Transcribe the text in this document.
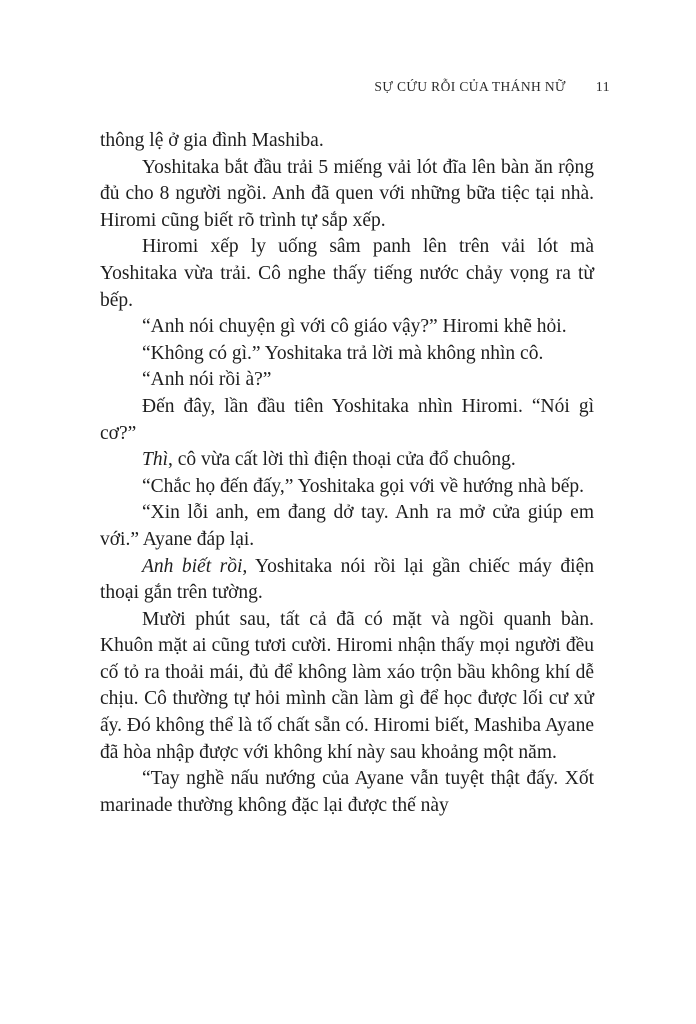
SỰ CỨU RỖI CỦA THÁNH NỮ 11

thông lệ ở gia đình Mashiba.

Yoshitaka bắt đầu trải 5 miếng vải lót đĩa lên bàn ăn rộng đủ cho 8 người ngồi. Anh đã quen với những bữa tiệc tại nhà. Hiromi cũng biết rõ trình tự sắp xếp.

Hiromi xếp ly uống sâm panh lên trên vải lót mà Yoshitaka vừa trải. Cô nghe thấy tiếng nước chảy vọng ra từ bếp.

“Anh nói chuyện gì với cô giáo vậy?” Hiromi khẽ hỏi.

“Không có gì.” Yoshitaka trả lời mà không nhìn cô.

“Anh nói rồi à?”

Đến đây, lần đầu tiên Yoshitaka nhìn Hiromi. “Nói gì cơ?”

Thì, cô vừa cất lời thì điện thoại cửa đổ chuông.

“Chắc họ đến đấy,” Yoshitaka gọi với về hướng nhà bếp.

“Xin lỗi anh, em đang dở tay. Anh ra mở cửa giúp em với.” Ayane đáp lại.

Anh biết rồi, Yoshitaka nói rồi lại gần chiếc máy điện thoại gắn trên tường.

Mười phút sau, tất cả đã có mặt và ngồi quanh bàn. Khuôn mặt ai cũng tươi cười. Hiromi nhận thấy mọi người đều cố tỏ ra thoải mái, đủ để không làm xáo trộn bầu không khí dễ chịu. Cô thường tự hỏi mình cần làm gì để học được lối cư xử ấy. Đó không thể là tố chất sẵn có. Hiromi biết, Mashiba Ayane đã hòa nhập được với không khí này sau khoảng một năm.

“Tay nghề nấu nướng của Ayane vẫn tuyệt thật đấy. Xốt marinade thường không đặc lại được thế này
